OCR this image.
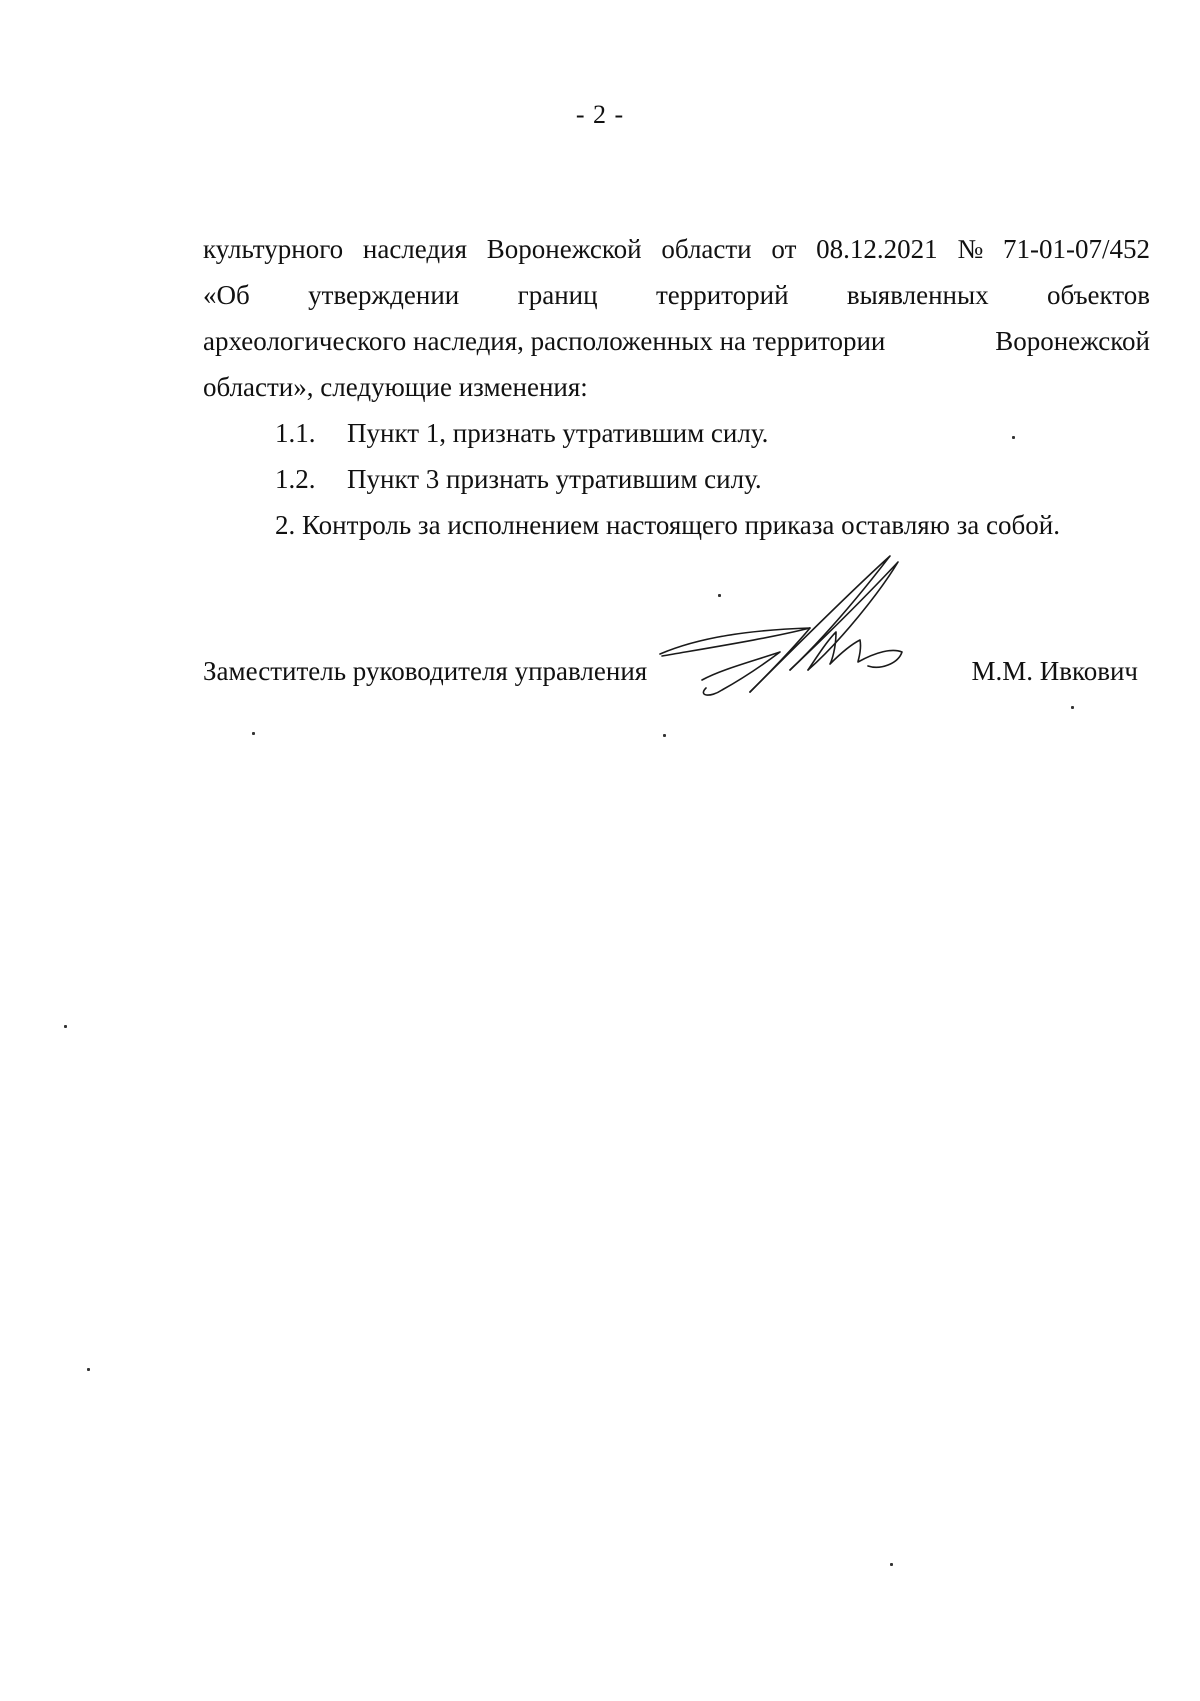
- 2 -
культурного наследия Воронежской области от 08.12.2021 № 71-01-07/452
«Об утверждении границ территорий выявленных объектов
археологического наследия, расположенных на территории	Воронежской
области», следующие изменения:
1.1. Пункт 1, признать утратившим силу.
1.2. Пункт 3 признать утратившим силу.
2. Контроль за исполнением настоящего приказа оставляю за собой.
Заместитель руководителя управления	М.М. Ивкович
